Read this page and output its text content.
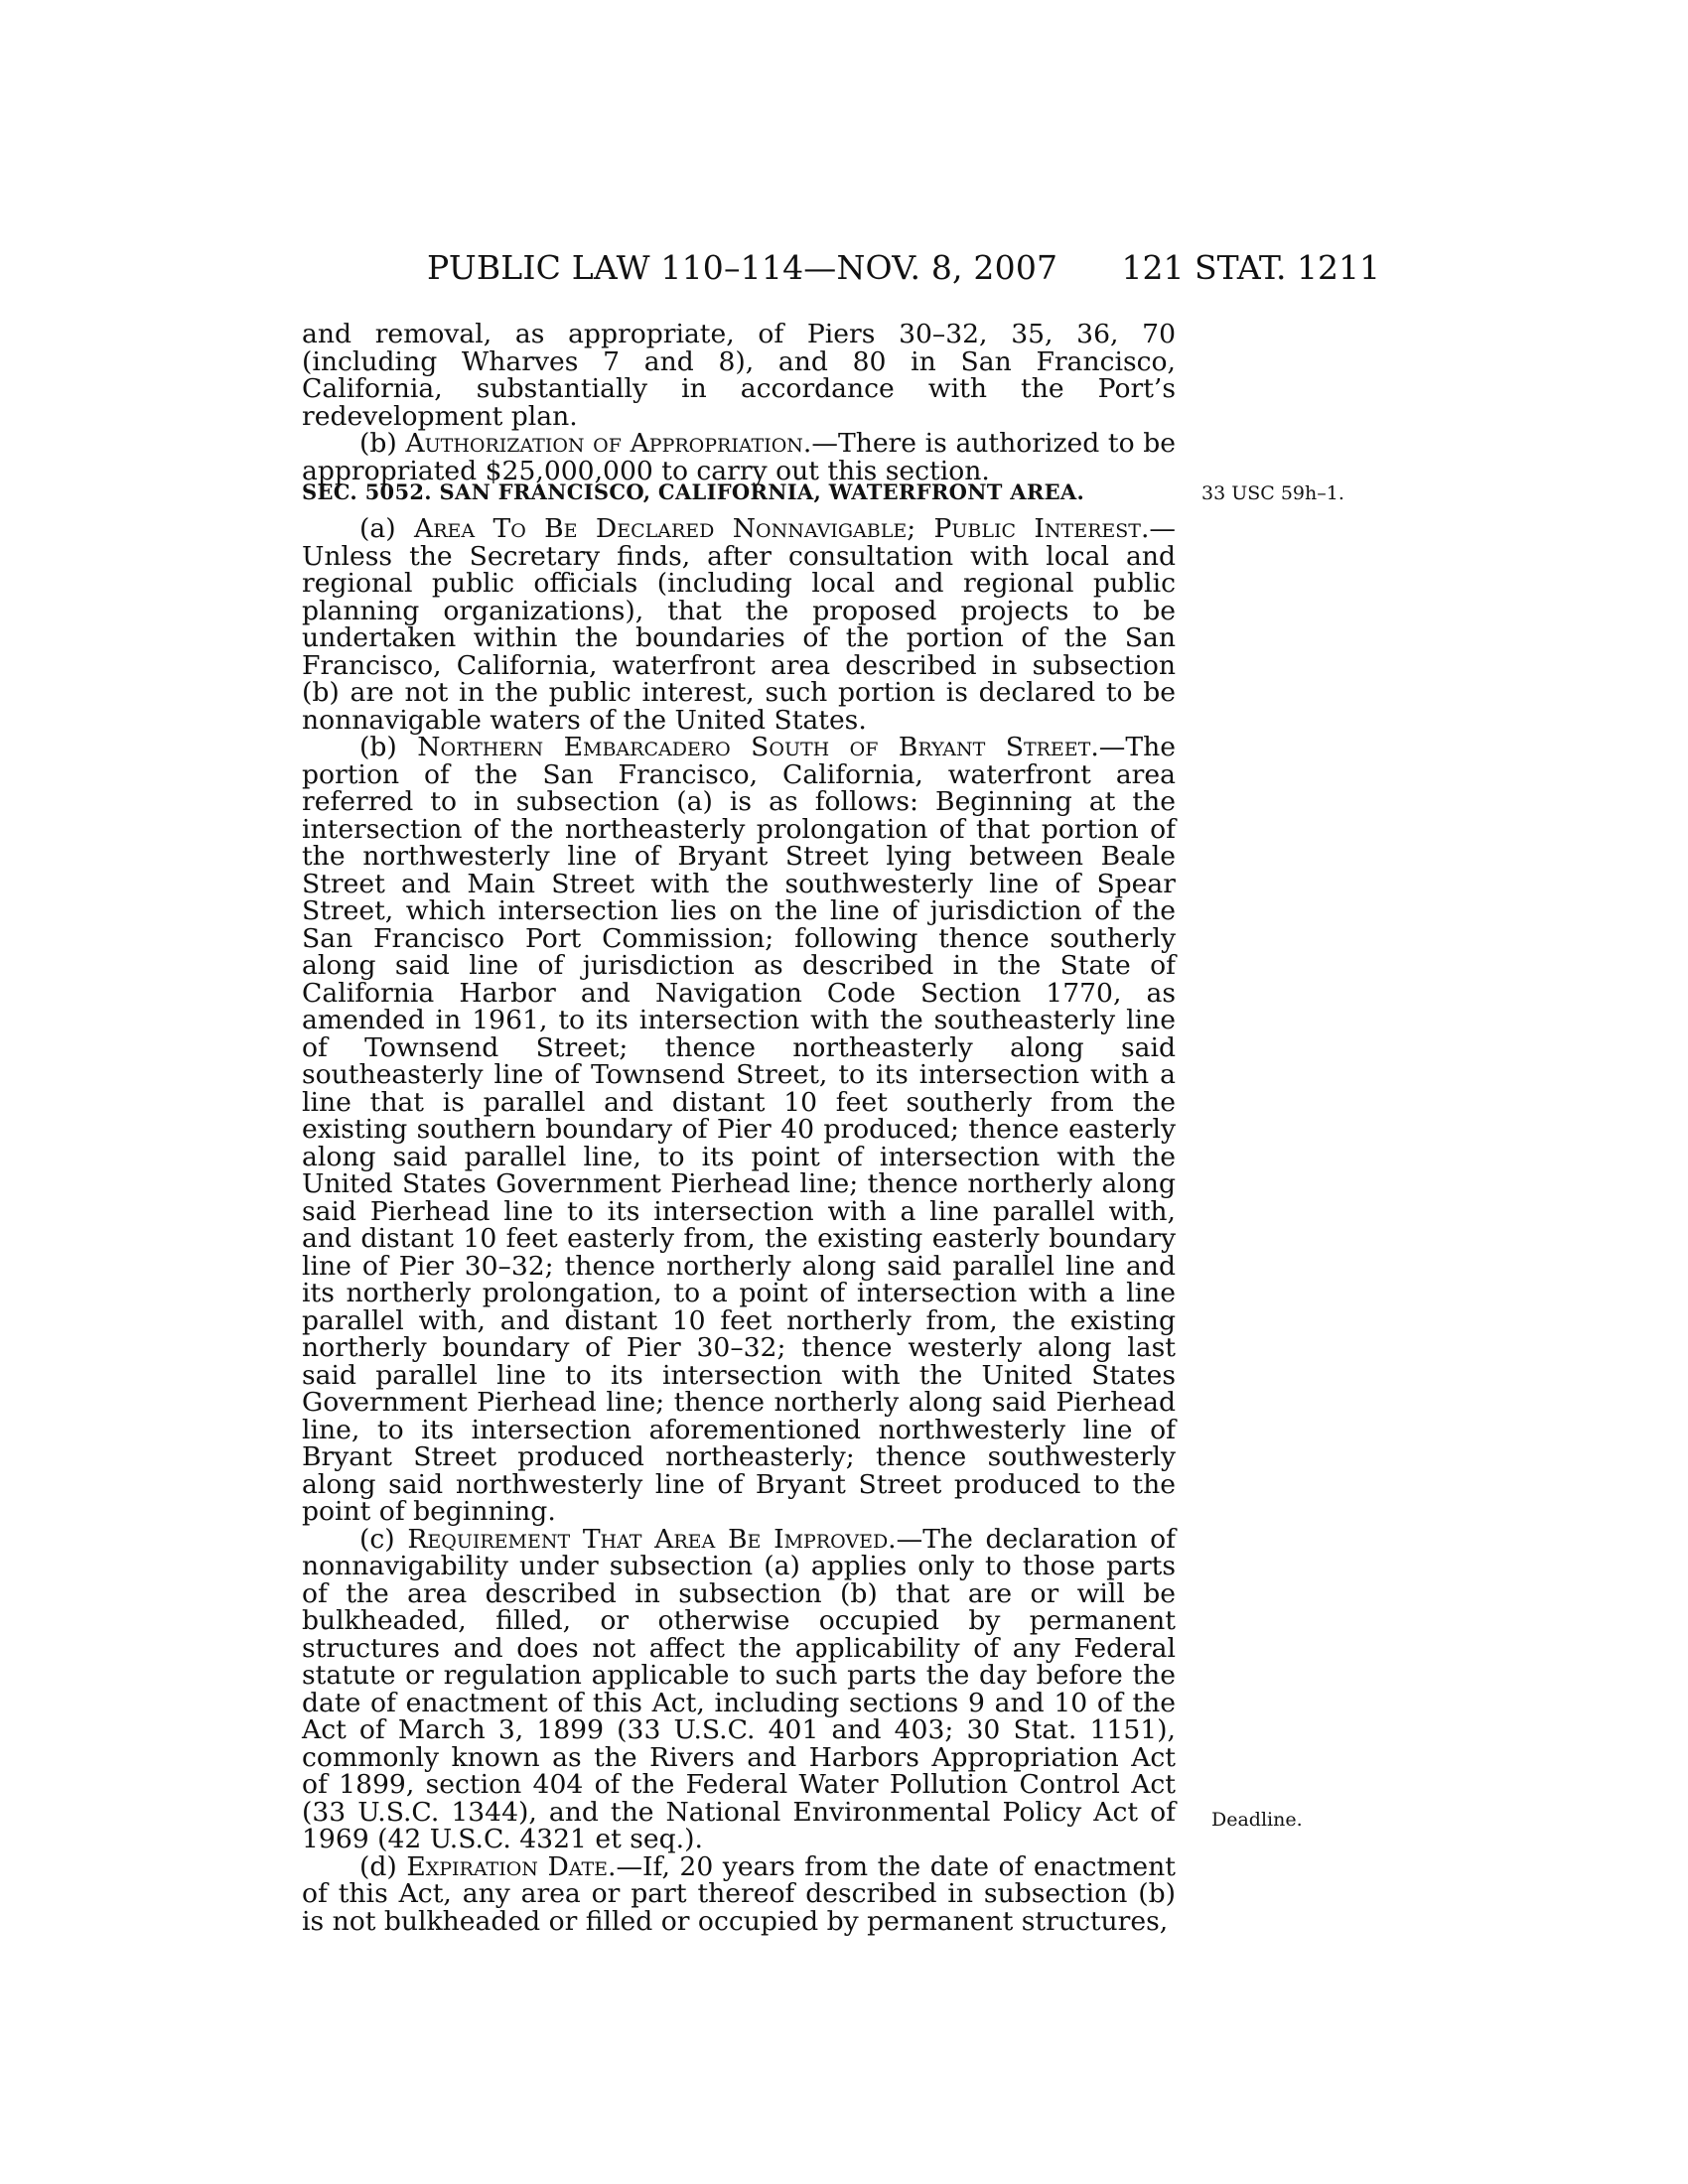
PUBLIC LAW 110–114—NOV. 8, 2007 121 STAT. 1211

and removal, as appropriate, of Piers 30–32, 35, 36, 70 (including Wharves 7 and 8), and 80 in San Francisco, California, substantially in accordance with the Port’s redevelopment plan.

(b) Authorization of Appropriation.—There is authorized to be appropriated $25,000,000 to carry out this section.

SEC. 5052. SAN FRANCISCO, CALIFORNIA, WATERFRONT AREA.	33 USC 59h–1.

(a) Area To Be Declared Nonnavigable; Public Interest.—Unless the Secretary finds, after consultation with local and regional public officials (including local and regional public planning organizations), that the proposed projects to be undertaken within the boundaries of the portion of the San Francisco, California, waterfront area described in subsection (b) are not in the public interest, such portion is declared to be nonnavigable waters of the United States.

(b) Northern Embarcadero South of Bryant Street.—The portion of the San Francisco, California, waterfront area referred to in subsection (a) is as follows: Beginning at the intersection of the northeasterly prolongation of that portion of the northwesterly line of Bryant Street lying between Beale Street and Main Street with the southwesterly line of Spear Street, which intersection lies on the line of jurisdiction of the San Francisco Port Commission; following thence southerly along said line of jurisdiction as described in the State of California Harbor and Navigation Code Section 1770, as amended in 1961, to its intersection with the southeasterly line of Townsend Street; thence northeasterly along said southeasterly line of Townsend Street, to its intersection with a line that is parallel and distant 10 feet southerly from the existing southern boundary of Pier 40 produced; thence easterly along said parallel line, to its point of intersection with the United States Government Pierhead line; thence northerly along said Pierhead line to its intersection with a line parallel with, and distant 10 feet easterly from, the existing easterly boundary line of Pier 30–32; thence northerly along said parallel line and its northerly prolongation, to a point of intersection with a line parallel with, and distant 10 feet northerly from, the existing northerly boundary of Pier 30–32; thence westerly along last said parallel line to its intersection with the United States Government Pierhead line; thence northerly along said Pierhead line, to its intersection aforementioned northwesterly line of Bryant Street produced northeasterly; thence southwesterly along said northwesterly line of Bryant Street produced to the point of beginning.

(c) Requirement That Area Be Improved.—The declaration of nonnavigability under subsection (a) applies only to those parts of the area described in subsection (b) that are or will be bulkheaded, filled, or otherwise occupied by permanent structures and does not affect the applicability of any Federal statute or regulation applicable to such parts the day before the date of enactment of this Act, including sections 9 and 10 of the Act of March 3, 1899 (33 U.S.C. 401 and 403; 30 Stat. 1151), commonly known as the Rivers and Harbors Appropriation Act of 1899, section 404 of the Federal Water Pollution Control Act (33 U.S.C. 1344), and the National Environmental Policy Act of 1969 (42 U.S.C. 4321 et seq.).

(d) Expiration Date.—If, 20 years from the date of enactment of this Act, any area or part thereof described in subsection (b) is not bulkheaded or filled or occupied by permanent structures,

Deadline.
